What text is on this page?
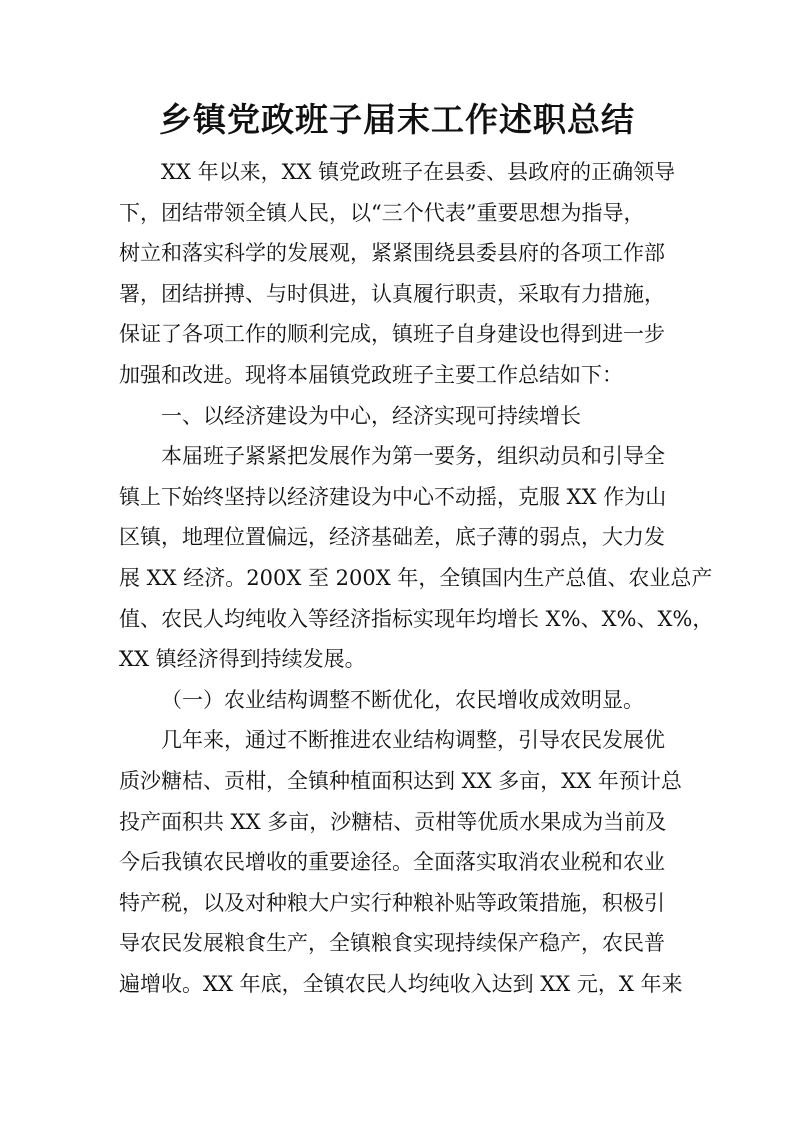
乡镇党政班子届末工作述职总结
XX 年以来，XX 镇党政班子在县委、县政府的正确领导
下，团结带领全镇人民，以“三个代表”重要思想为指导，
树立和落实科学的发展观，紧紧围绕县委县府的各项工作部
署，团结拼搏、与时俱进，认真履行职责，采取有力措施，
保证了各项工作的顺利完成，镇班子自身建设也得到进一步
加强和改进。现将本届镇党政班子主要工作总结如下：
一、以经济建设为中心，经济实现可持续增长
本届班子紧紧把发展作为第一要务，组织动员和引导全
镇上下始终坚持以经济建设为中心不动摇，克服 XX 作为山
区镇，地理位置偏远，经济基础差，底子薄的弱点，大力发
展 XX 经济。200X 至 200X 年，全镇国内生产总值、农业总产
值、农民人均纯收入等经济指标实现年均增长 X%、X%、X%，
XX 镇经济得到持续发展。
（一）农业结构调整不断优化，农民增收成效明显。
几年来，通过不断推进农业结构调整，引导农民发展优
质沙糖桔、贡柑，全镇种植面积达到 XX 多亩，XX 年预计总
投产面积共 XX 多亩，沙糖桔、贡柑等优质水果成为当前及
今后我镇农民增收的重要途径。全面落实取消农业税和农业
特产税，以及对种粮大户实行种粮补贴等政策措施，积极引
导农民发展粮食生产，全镇粮食实现持续保产稳产，农民普
遍增收。XX 年底，全镇农民人均纯收入达到 XX 元，X 年来
